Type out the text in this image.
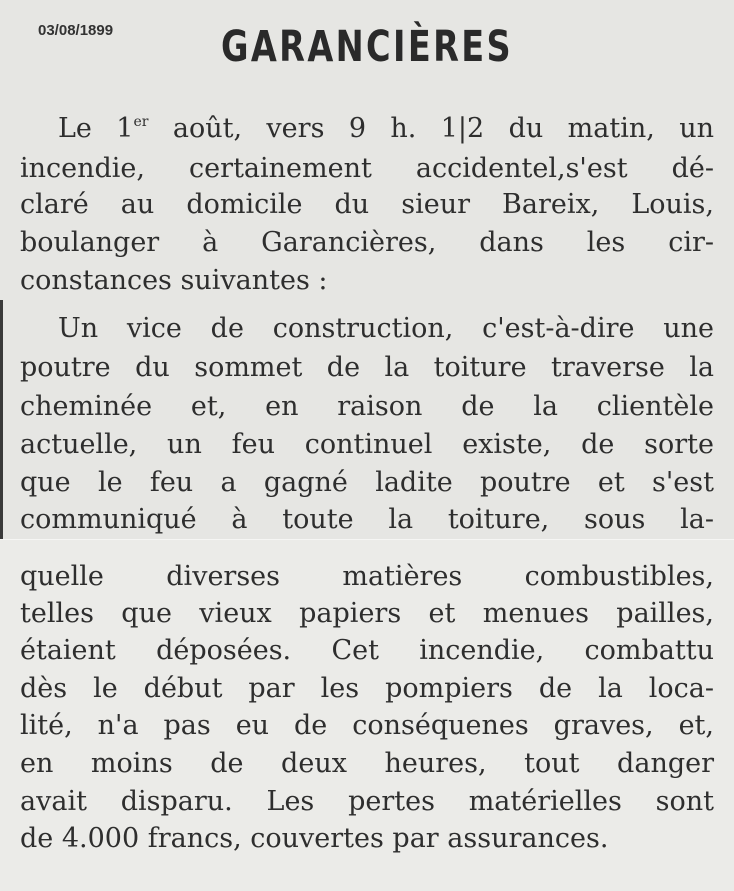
03/08/1899	GARANCIÈRES
Le 1er août, vers 9 h. 1|2 du matin, un
incendie, certainement accidentel,s'est dé-
claré au domicile du sieur Bareix, Louis,
boulanger à Garancières, dans les cir-
constances suivantes :
Un vice de construction, c'est-à-dire une
poutre du sommet de la toiture traverse la
cheminée et, en raison de la clientèle
actuelle, un feu continuel existe, de sorte
que le feu a gagné ladite poutre et s'est
communiqué à toute la toiture, sous la-
quelle diverses matières combustibles,
telles que vieux papiers et menues pailles,
étaient déposées. Cet incendie, combattu
dès le début par les pompiers de la loca-
lité, n'a pas eu de conséquenes graves, et,
en moins de deux heures, tout danger
avait disparu. Les pertes matérielles sont
de 4.000 francs, couvertes par assurances.
